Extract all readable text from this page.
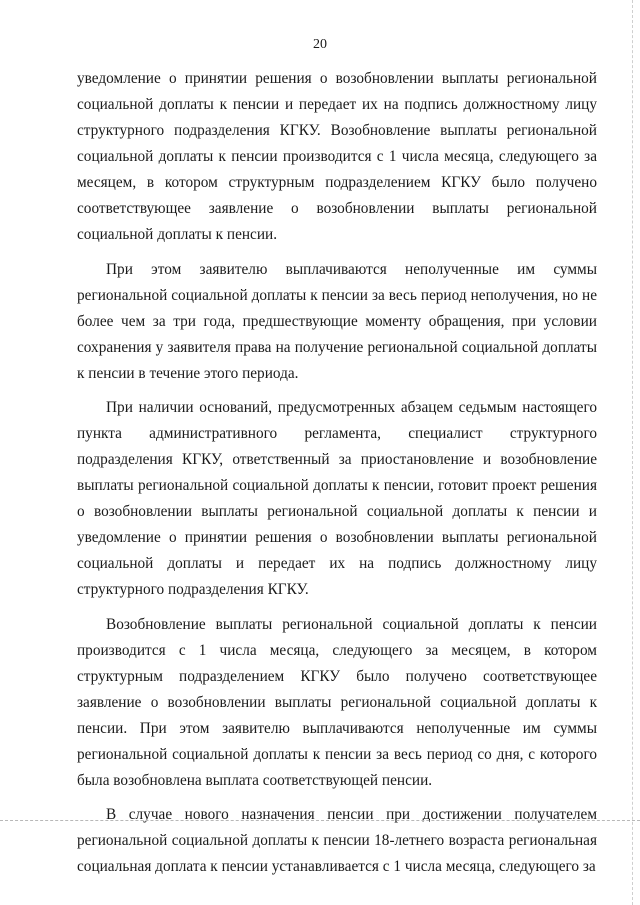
20

уведомление о принятии решения о возобновлении выплаты региональной социальной доплаты к пенсии и передает их на подпись должностному лицу структурного подразделения КГКУ. Возобновление выплаты региональной социальной доплаты к пенсии производится с 1 числа месяца, следующего за месяцем, в котором структурным подразделением КГКУ было получено соответствующее заявление о возобновлении выплаты региональной социальной доплаты к пенсии.

При этом заявителю выплачиваются неполученные им суммы региональной социальной доплаты к пенсии за весь период неполучения, но не более чем за три года, предшествующие моменту обращения, при условии сохранения у заявителя права на получение региональной социальной доплаты к пенсии в течение этого периода.

При наличии оснований, предусмотренных абзацем седьмым настоящего пункта административного регламента, специалист структурного подразделения КГКУ, ответственный за приостановление и возобновление выплаты региональной социальной доплаты к пенсии, готовит проект решения о возобновлении выплаты региональной социальной доплаты к пенсии и уведомление о принятии решения о возобновлении выплаты региональной социальной доплаты и передает их на подпись должностному лицу структурного подразделения КГКУ.

Возобновление выплаты региональной социальной доплаты к пенсии производится с 1 числа месяца, следующего за месяцем, в котором структурным подразделением КГКУ было получено соответствующее заявление о возобновлении выплаты региональной социальной доплаты к пенсии. При этом заявителю выплачиваются неполученные им суммы региональной социальной доплаты к пенсии за весь период со дня, с которого была возобновлена выплата соответствующей пенсии.

В случае нового назначения пенсии при достижении получателем региональной социальной доплаты к пенсии 18-летнего возраста региональная социальная доплата к пенсии устанавливается с 1 числа месяца, следующего за
